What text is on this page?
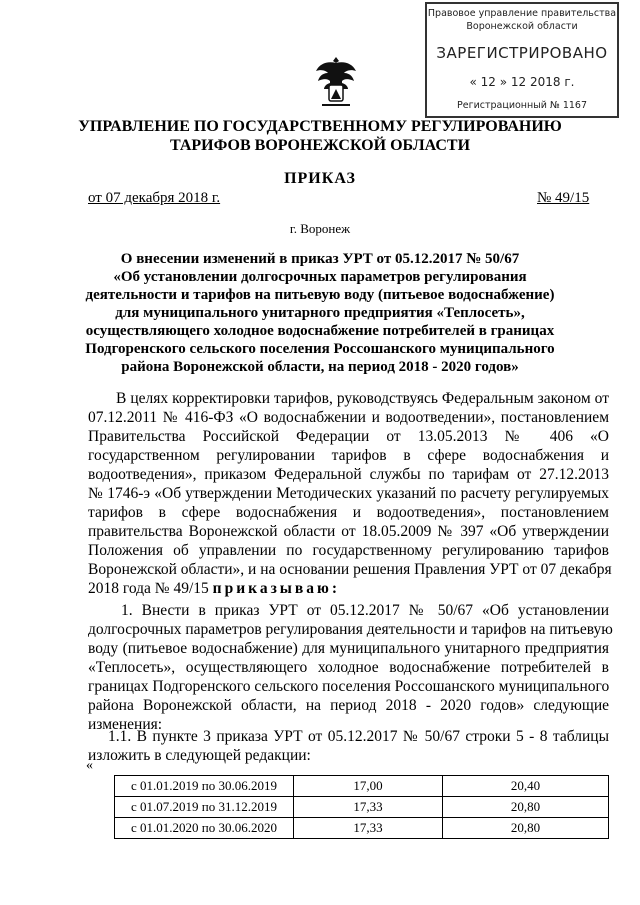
Правовое управление правительства
Воронежской области
ЗАРЕГИСТРИРОВАНО
« 12 » 12 2018 г.
Регистрационный № 1167
УПРАВЛЕНИЕ ПО ГОСУДАРСТВЕННОМУ РЕГУЛИРОВАНИЮ
ТАРИФОВ ВОРОНЕЖСКОЙ ОБЛАСТИ
ПРИКАЗ
от 07 декабря 2018 г.	№ 49/15
г. Воронеж
О внесении изменений в приказ УРТ от 05.12.2017 № 50/67
«Об установлении долгосрочных параметров регулирования
деятельности и тарифов на питьевую воду (питьевое водоснабжение)
для муниципального унитарного предприятия «Теплосеть»,
осуществляющего холодное водоснабжение потребителей в границах
Подгоренского сельского поселения Россошанского муниципального
района Воронежской области, на период 2018 - 2020 годов»
В целях корректировки тарифов, руководствуясь Федеральным законом от
07.12.2011 № 416-ФЗ «О водоснабжении и водоотведении», постановлением
Правительства Российской Федерации от 13.05.2013 № 406 «О
государственном регулировании тарифов в сфере водоснабжения и
водоотведения», приказом Федеральной службы по тарифам от 27.12.2013
№ 1746-э «Об утверждении Методических указаний по расчету регулируемых
тарифов в сфере водоснабжения и водоотведения», постановлением
правительства Воронежской области от 18.05.2009 № 397 «Об утверждении
Положения об управлении по государственному регулированию тарифов
Воронежской области», и на основании решения Правления УРТ от 07 декабря
2018 года № 49/15 приказываю:
1. Внести в приказ УРТ от 05.12.2017 № 50/67 «Об установлении
долгосрочных параметров регулирования деятельности и тарифов на питьевую
воду (питьевое водоснабжение) для муниципального унитарного предприятия
«Теплосеть», осуществляющего холодное водоснабжение потребителей в
границах Подгоренского сельского поселения Россошанского муниципального
района Воронежской области, на период 2018 - 2020 годов» следующие
изменения:
1.1. В пункте 3 приказа УРТ от 05.12.2017 № 50/67 строки 5 - 8 таблицы
изложить в следующей редакции:
«
с 01.01.2019 по 30.06.2019	17,00	20,40
с 01.07.2019 по 31.12.2019	17,33	20,80
с 01.01.2020 по 30.06.2020	17,33	20,80
